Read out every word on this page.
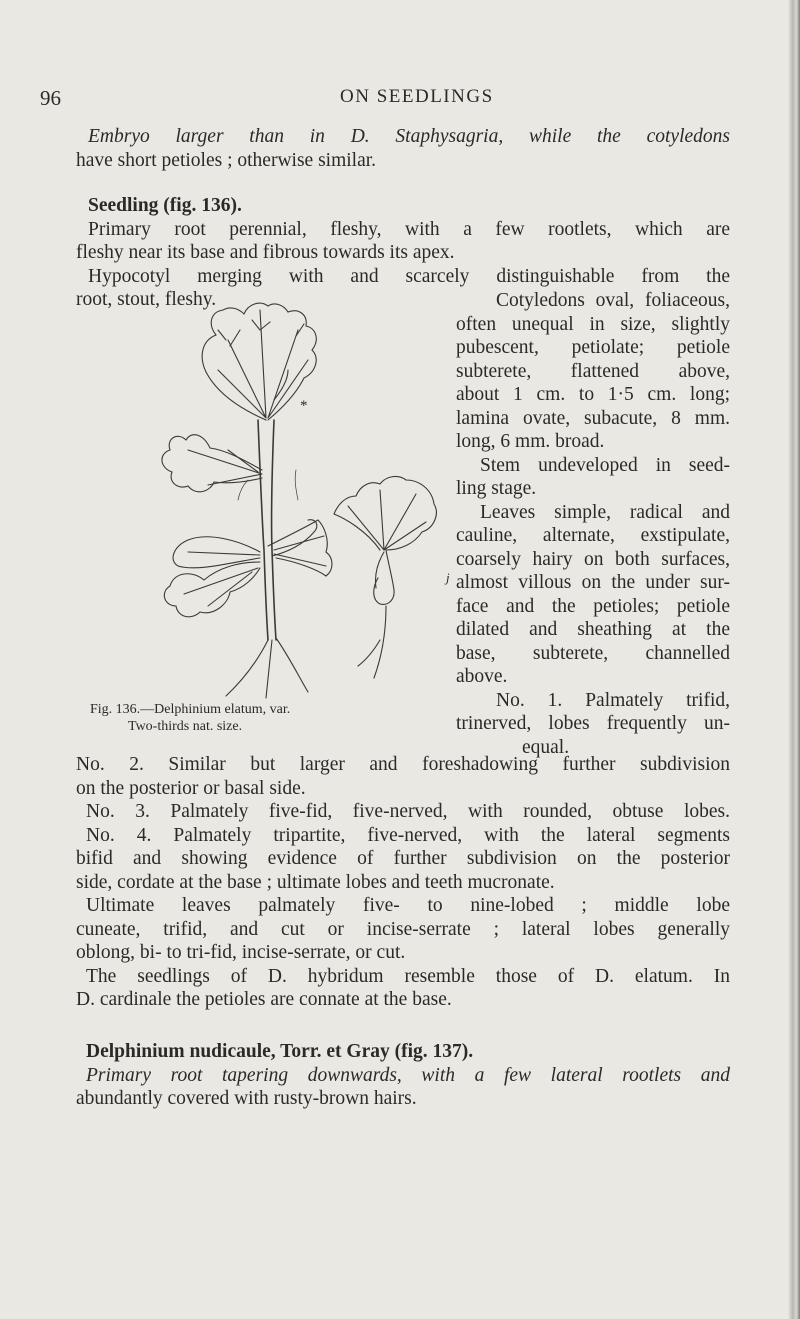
96	ON SEEDLINGS

Embryo larger than in D. Staphysagria, while the cotyledons

have short petioles ; otherwise similar.

Seedling (fig. 136).

Primary root perennial, fleshy, with a few rootlets, which are

fleshy near its base and fibrous towards its apex.

Hypocotyl merging with and scarcely distinguishable from the

root, stout, fleshy.	Cotyledons oval, foliaceous,

often unequal in size, slightly

pubescent, petiolate; petiole

subterete, flattened above,

about 1 cm. to 1·5 cm. long;

lamina ovate, subacute, 8 mm.

long, 6 mm. broad.

Stem undeveloped in seed-

ling stage.

Leaves simple, radical and

cauline, alternate, exstipulate,

coarsely hairy on both surfaces,

almost villous on the under sur-

face and the petioles; petiole

dilated and sheathing at the

base, subterete, channelled

above.

No. 1. Palmately trifid,

trinerved, lobes frequently un-

equal.

*
j
Fig. 136.—Delphinium elatum, var.
Two-thirds nat. size.

No. 2. Similar but larger and foreshadowing further subdivision

on the posterior or basal side.

No. 3. Palmately five-fid, five-nerved, with rounded, obtuse lobes.

No. 4. Palmately tripartite, five-nerved, with the lateral segments

bifid and showing evidence of further subdivision on the posterior

side, cordate at the base ; ultimate lobes and teeth mucronate.

Ultimate leaves palmately five- to nine-lobed ; middle lobe

cuneate, trifid, and cut or incise-serrate ; lateral lobes generally

oblong, bi- to tri-fid, incise-serrate, or cut.

The seedlings of D. hybridum resemble those of D. elatum. In

D. cardinale the petioles are connate at the base.

Delphinium nudicaule, Torr. et Gray (fig. 137).

Primary root tapering downwards, with a few lateral rootlets and

abundantly covered with rusty-brown hairs.
